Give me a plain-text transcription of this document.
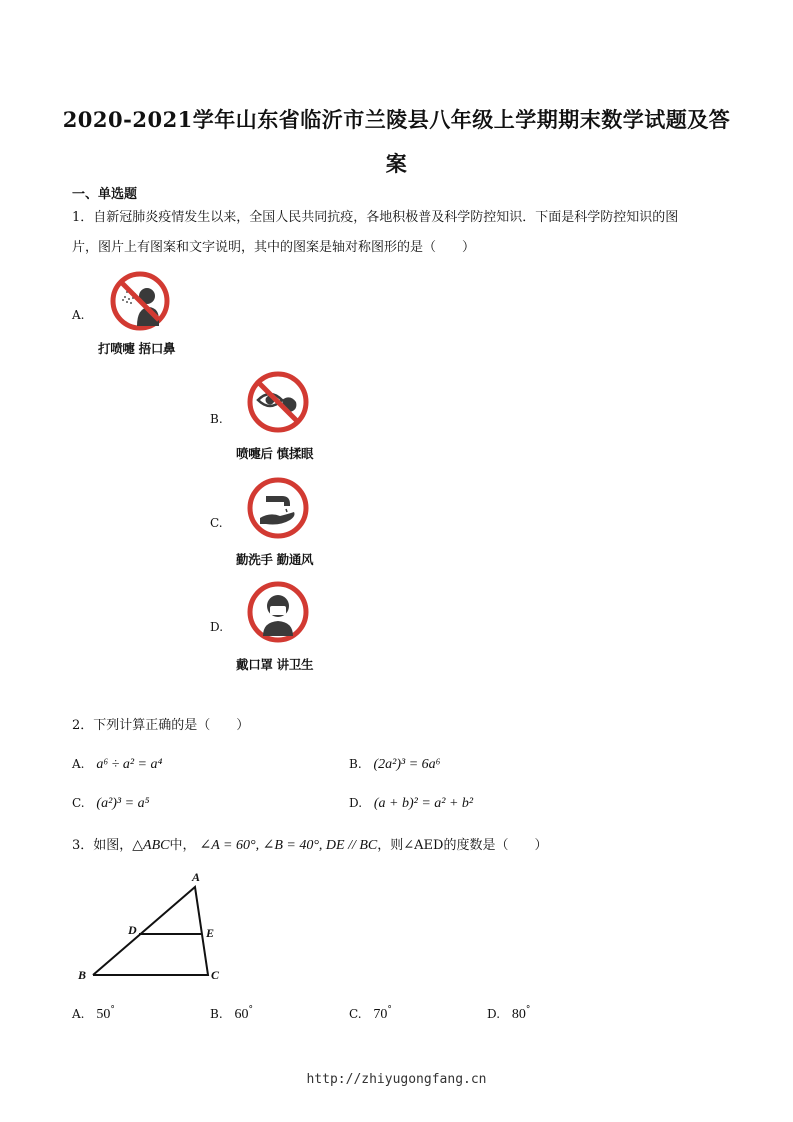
2020-2021学年山东省临沂市兰陵县八年级上学期期末数学试题及答
案
一、单选题
1．自新冠肺炎疫情发生以来，全国人民共同抗疫，各地积极普及科学防控知识．下面是科学防控知识的图
片，图片上有图案和文字说明，其中的图案是轴对称图形的是（　　）
A.
打喷嚏 捂口鼻
B.
喷嚏后 慎揉眼
C.
勤洗手 勤通风
D.
戴口罩 讲卫生
2．下列计算正确的是（　　）
A. a⁶ ÷ a² = a⁴	B. (2a²)³ = 6a⁶
C. (a²)³ = a⁵	D. (a + b)² = a² + b²
3．如图，△ABC中， ∠A = 60°, ∠B = 40°, DE // BC，则∠AED的度数是（　　）
A
D	E
B	C
A. 50°	B. 60°	C. 70°	D. 80°
http://zhiyugongfang.cn
